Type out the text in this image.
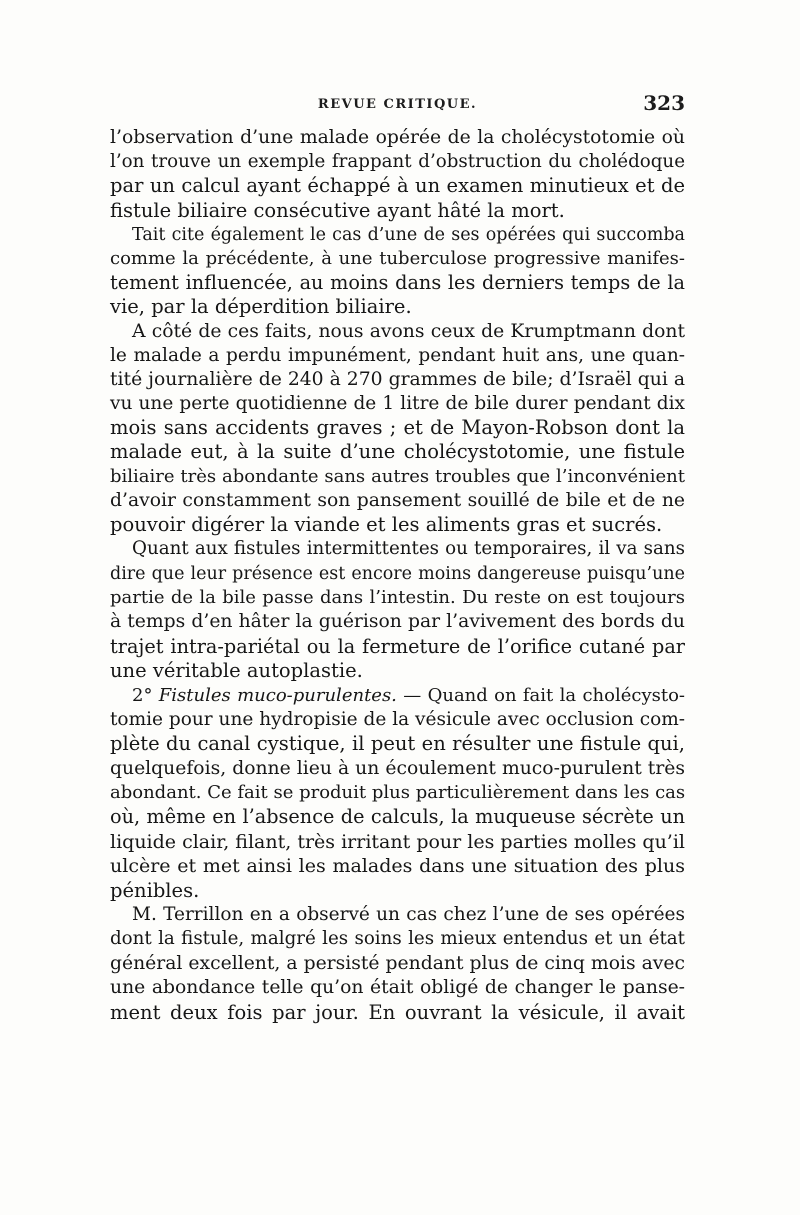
REVUE CRITIQUE.	323
l’observation d’une malade opérée de la cholécystotomie où
l’on trouve un exemple frappant d’obstruction du cholédoque
par un calcul ayant échappé à un examen minutieux et de
fistule biliaire consécutive ayant hâté la mort.
Tait cite également le cas d’une de ses opérées qui succomba
comme la précédente, à une tuberculose progressive manifes-
tement influencée, au moins dans les derniers temps de la
vie, par la déperdition biliaire.
A côté de ces faits, nous avons ceux de Krumptmann dont
le malade a perdu impunément, pendant huit ans, une quan-
tité journalière de 240 à 270 grammes de bile; d’Israël qui a
vu une perte quotidienne de 1 litre de bile durer pendant dix
mois sans accidents graves ; et de Mayon-Robson dont la
malade eut, à la suite d’une cholécystotomie, une fistule
biliaire très abondante sans autres troubles que l’inconvénient
d’avoir constamment son pansement souillé de bile et de ne
pouvoir digérer la viande et les aliments gras et sucrés.
Quant aux fistules intermittentes ou temporaires, il va sans
dire que leur présence est encore moins dangereuse puisqu’une
partie de la bile passe dans l’intestin. Du reste on est toujours
à temps d’en hâter la guérison par l’avivement des bords du
trajet intra-pariétal ou la fermeture de l’orifice cutané par
une véritable autoplastie.
2° Fistules muco-purulentes. — Quand on fait la cholécysto-
tomie pour une hydropisie de la vésicule avec occlusion com-
plète du canal cystique, il peut en résulter une fistule qui,
quelquefois, donne lieu à un écoulement muco-purulent très
abondant. Ce fait se produit plus particulièrement dans les cas
où, même en l’absence de calculs, la muqueuse sécrète un
liquide clair, filant, très irritant pour les parties molles qu’il
ulcère et met ainsi les malades dans une situation des plus
pénibles.
M. Terrillon en a observé un cas chez l’une de ses opérées
dont la fistule, malgré les soins les mieux entendus et un état
général excellent, a persisté pendant plus de cinq mois avec
une abondance telle qu’on était obligé de changer le panse-
ment deux fois par jour. En ouvrant la vésicule, il avait
